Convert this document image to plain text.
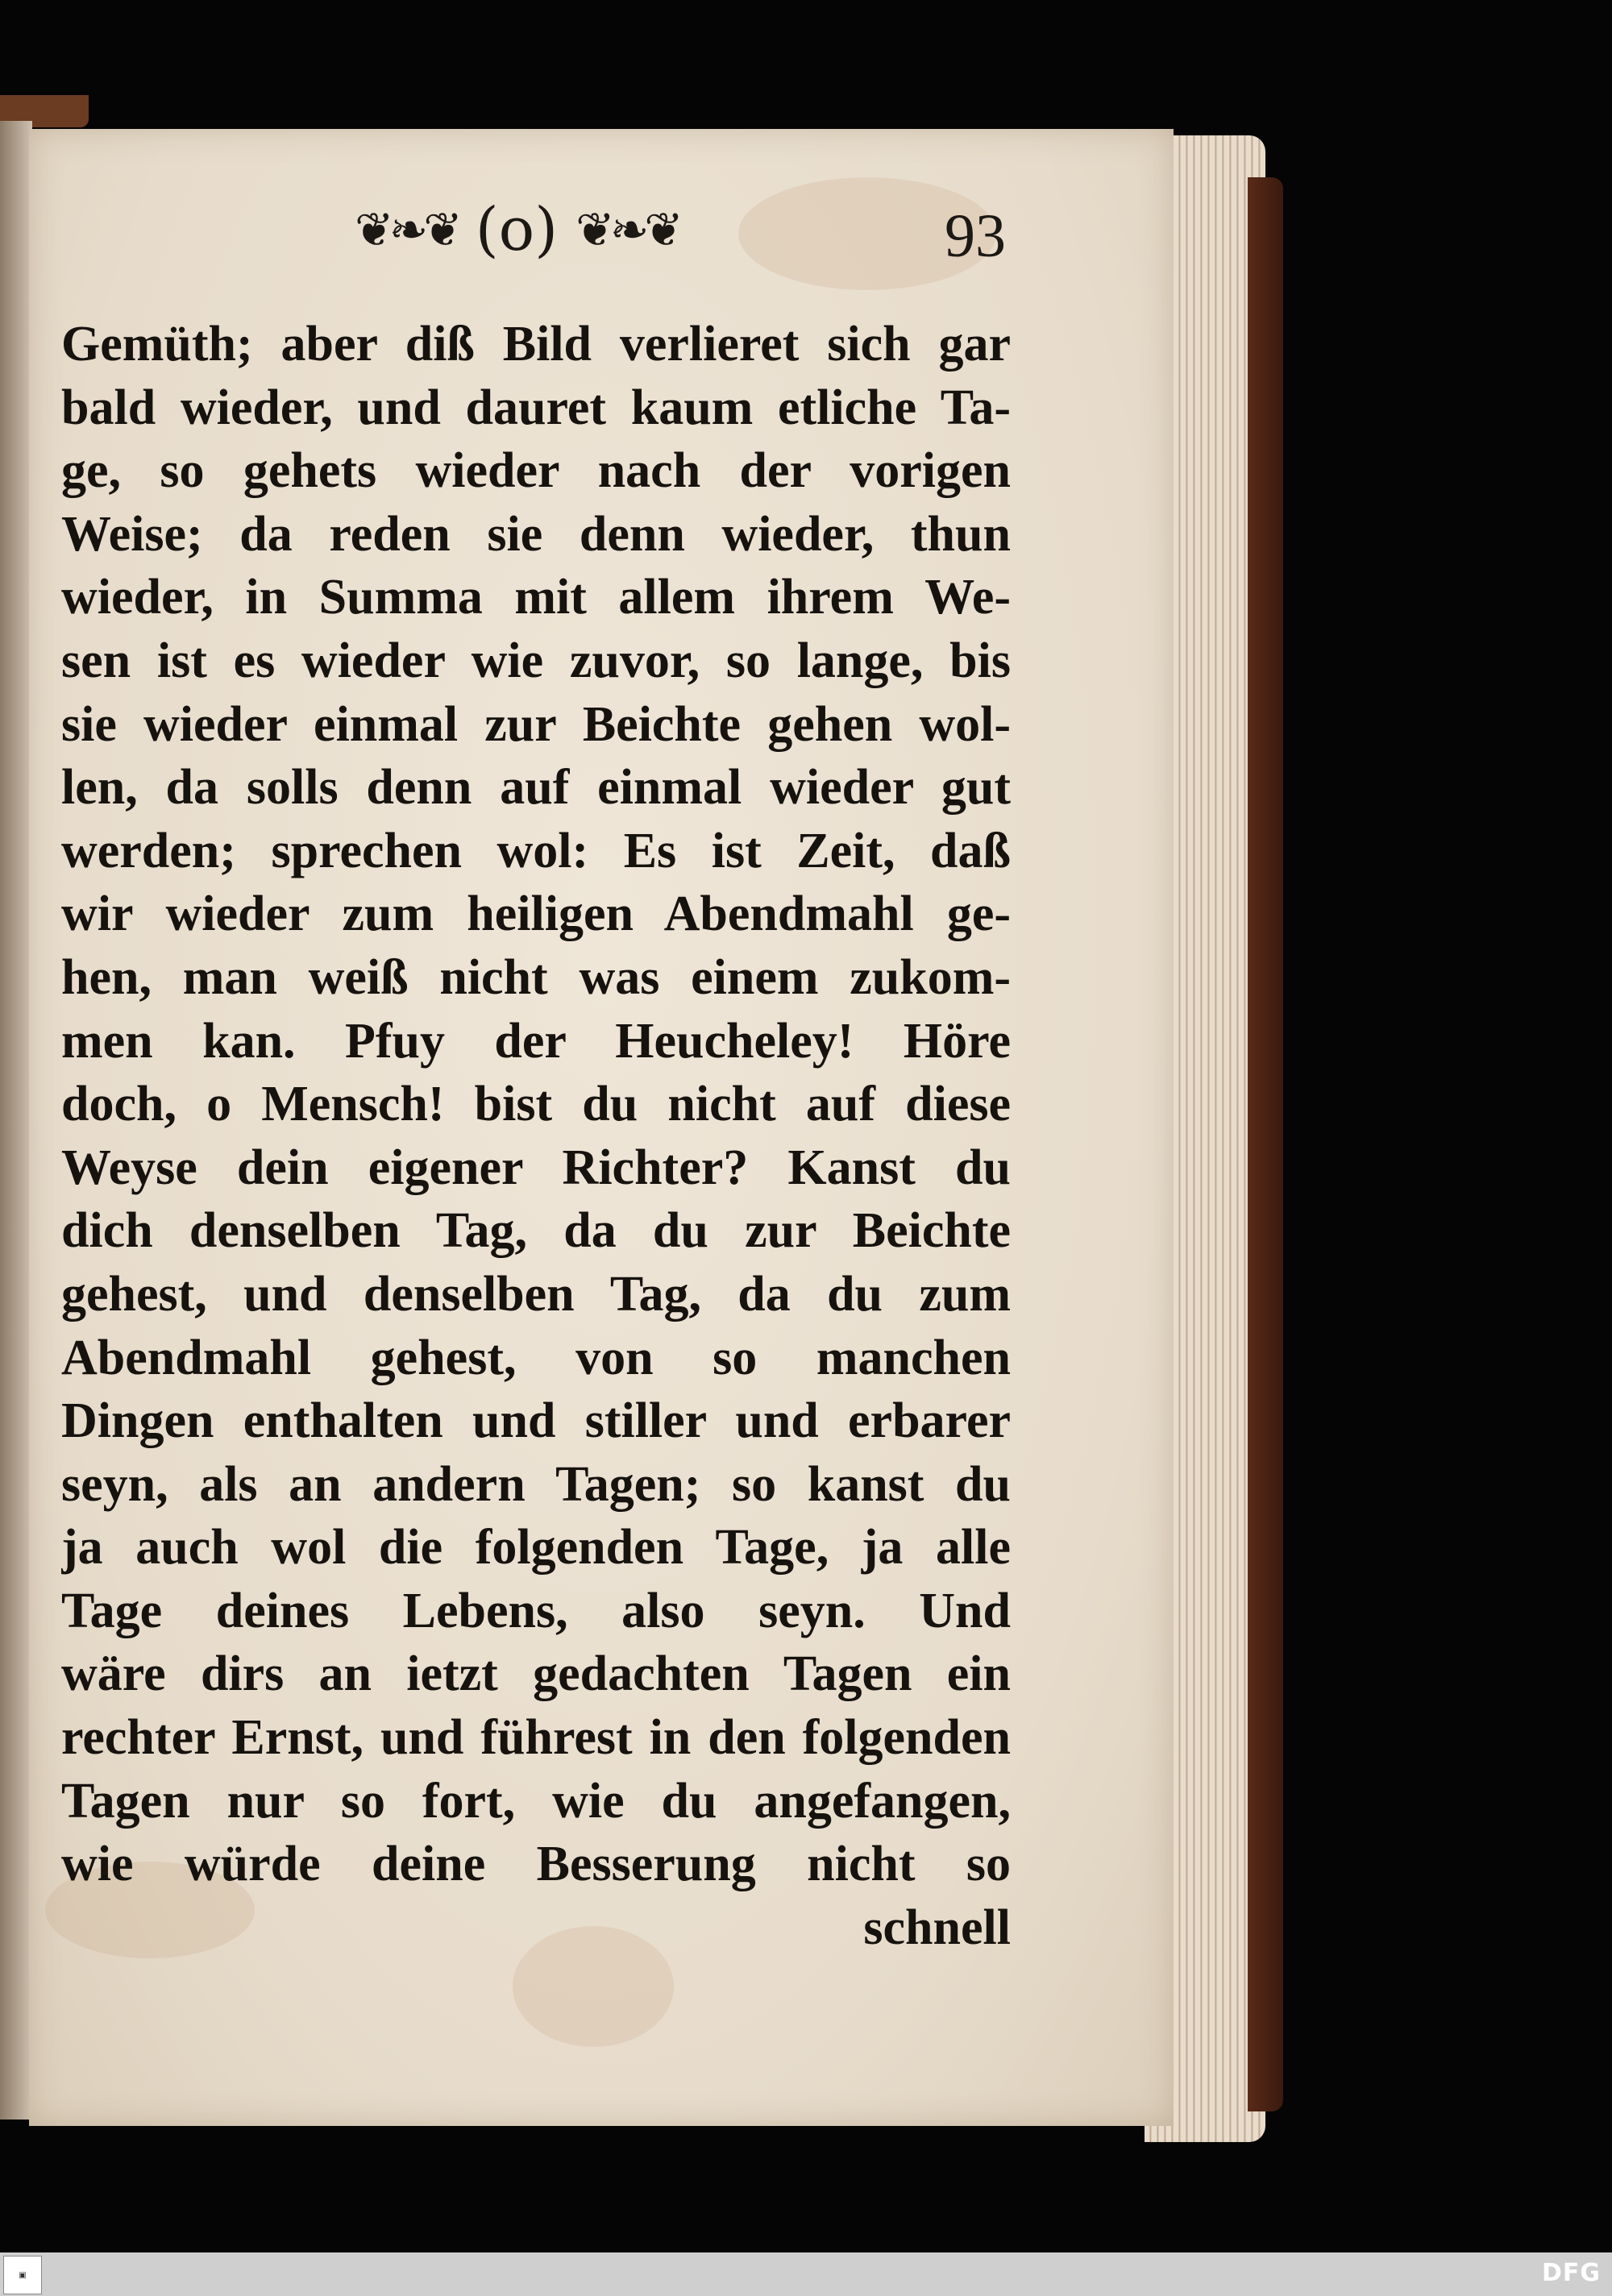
❦❧❦ (o) ❦❧❦	93
Gemüth; aber diß Bild verlieret sich gar
bald wieder, und dauret kaum etliche Ta-
ge, so gehets wieder nach der vorigen
Weise; da reden sie denn wieder, thun
wieder, in Summa mit allem ihrem We-
sen ist es wieder wie zuvor, so lange, bis
sie wieder einmal zur Beichte gehen wol-
len, da solls denn auf einmal wieder gut
werden; sprechen wol: Es ist Zeit, daß
wir wieder zum heiligen Abendmahl ge-
hen, man weiß nicht was einem zukom-
men kan. Pfuy der Heucheley! Höre
doch, o Mensch! bist du nicht auf diese
Weyse dein eigener Richter? Kanst du
dich denselben Tag, da du zur Beichte
gehest, und denselben Tag, da du zum
Abendmahl gehest, von so manchen
Dingen enthalten und stiller und erbarer
seyn, als an andern Tagen; so kanst du
ja auch wol die folgenden Tage, ja alle
Tage deines Lebens, also seyn. Und
wäre dirs an ietzt gedachten Tagen ein
rechter Ernst, und führest in den folgenden
Tagen nur so fort, wie du angefangen,
wie würde deine Besserung nicht so
schnell
▣	DFG
